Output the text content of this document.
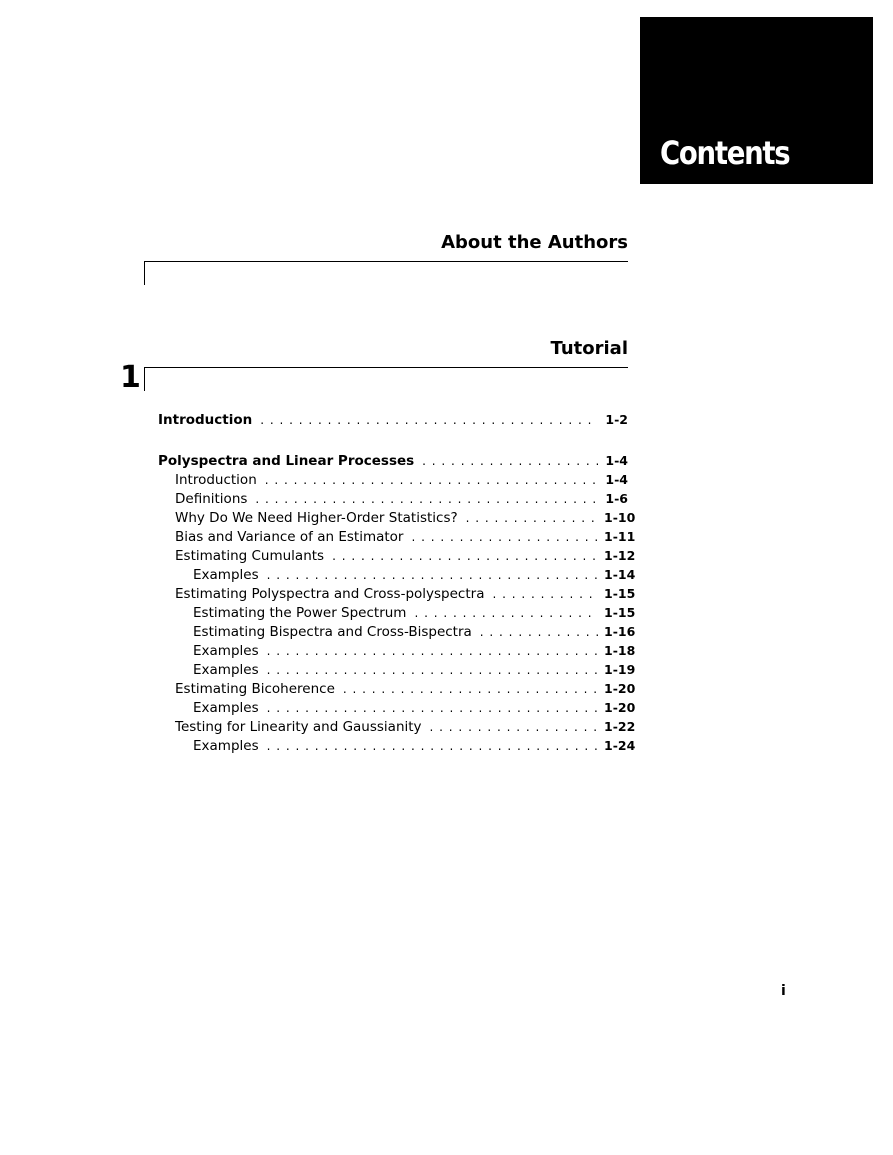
Contents
About the Authors
Tutorial
1
Introduction . . .	1-2
Polyspectra and Linear Processes . . .	1-4
Introduction . . .	1-4
Definitions . . .	1-6
Why Do We Need Higher-Order Statistics? . . .	1-10
Bias and Variance of an Estimator . . .	1-11
Estimating Cumulants . . .	1-12
Examples . . .	1-14
Estimating Polyspectra and Cross-polyspectra . . .	1-15
Estimating the Power Spectrum . . .	1-15
Estimating Bispectra and Cross-Bispectra . . .	1-16
Examples . . .	1-18
Examples . . .	1-19
Estimating Bicoherence . . .	1-20
Examples . . .	1-20
Testing for Linearity and Gaussianity . . .	1-22
Examples . . .	1-24
i
